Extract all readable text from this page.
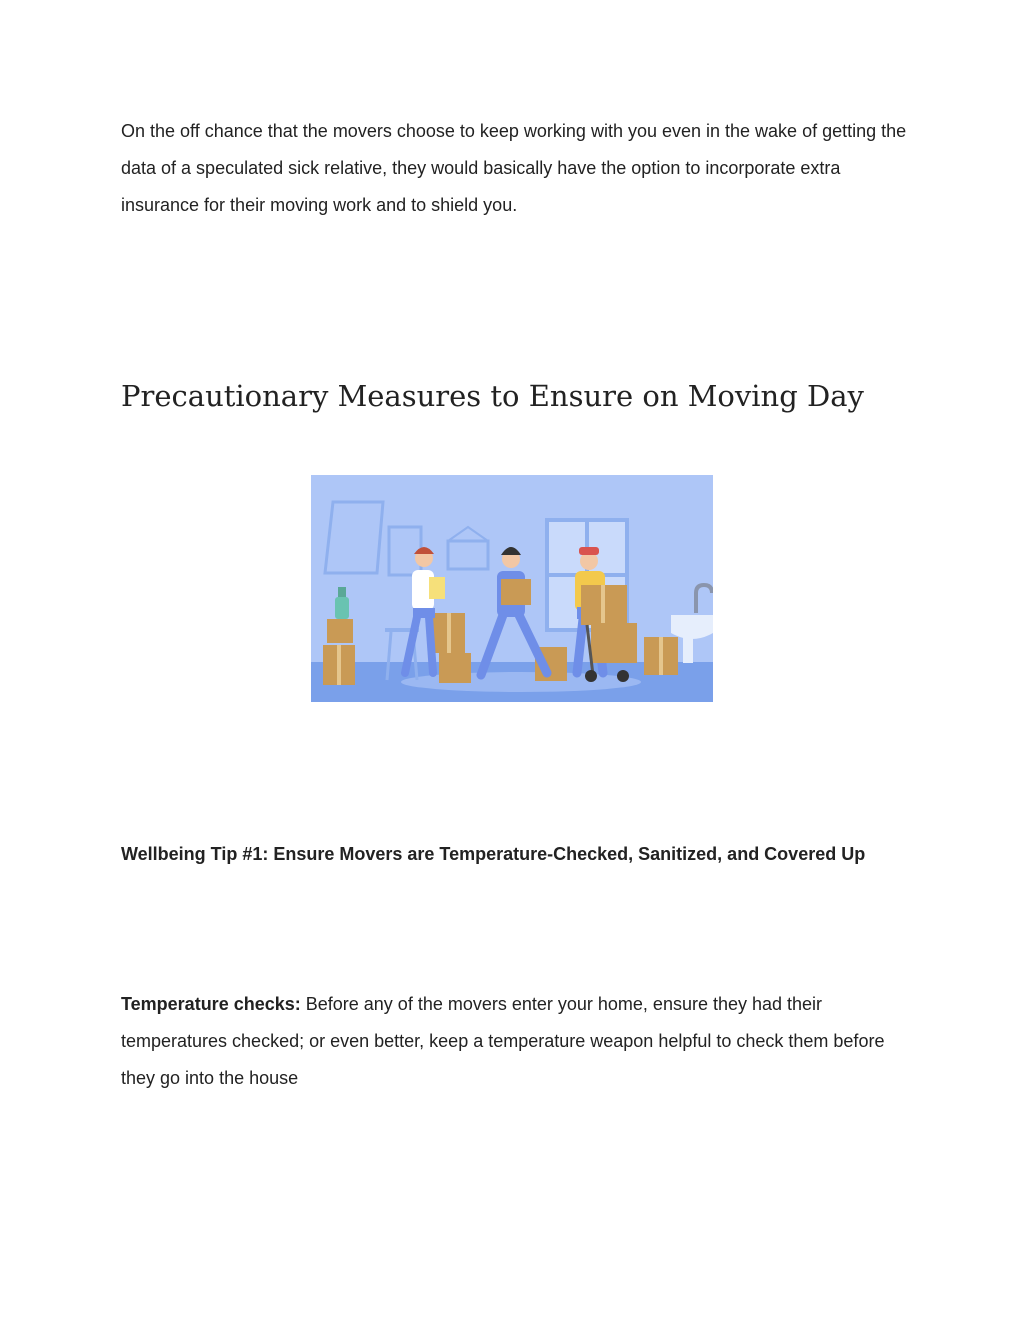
On the off chance that the movers choose to keep working with you even in the wake of getting the data of a speculated sick relative, they would basically have the option to incorporate extra insurance for their moving work and to shield you.

Precautionary Measures to Ensure on Moving Day

Wellbeing Tip #1: Ensure Movers are Temperature-Checked, Sanitized, and Covered Up

Temperature checks: Before any of the movers enter your home, ensure they had their temperatures checked; or even better, keep a temperature weapon helpful to check them before they go into the house
